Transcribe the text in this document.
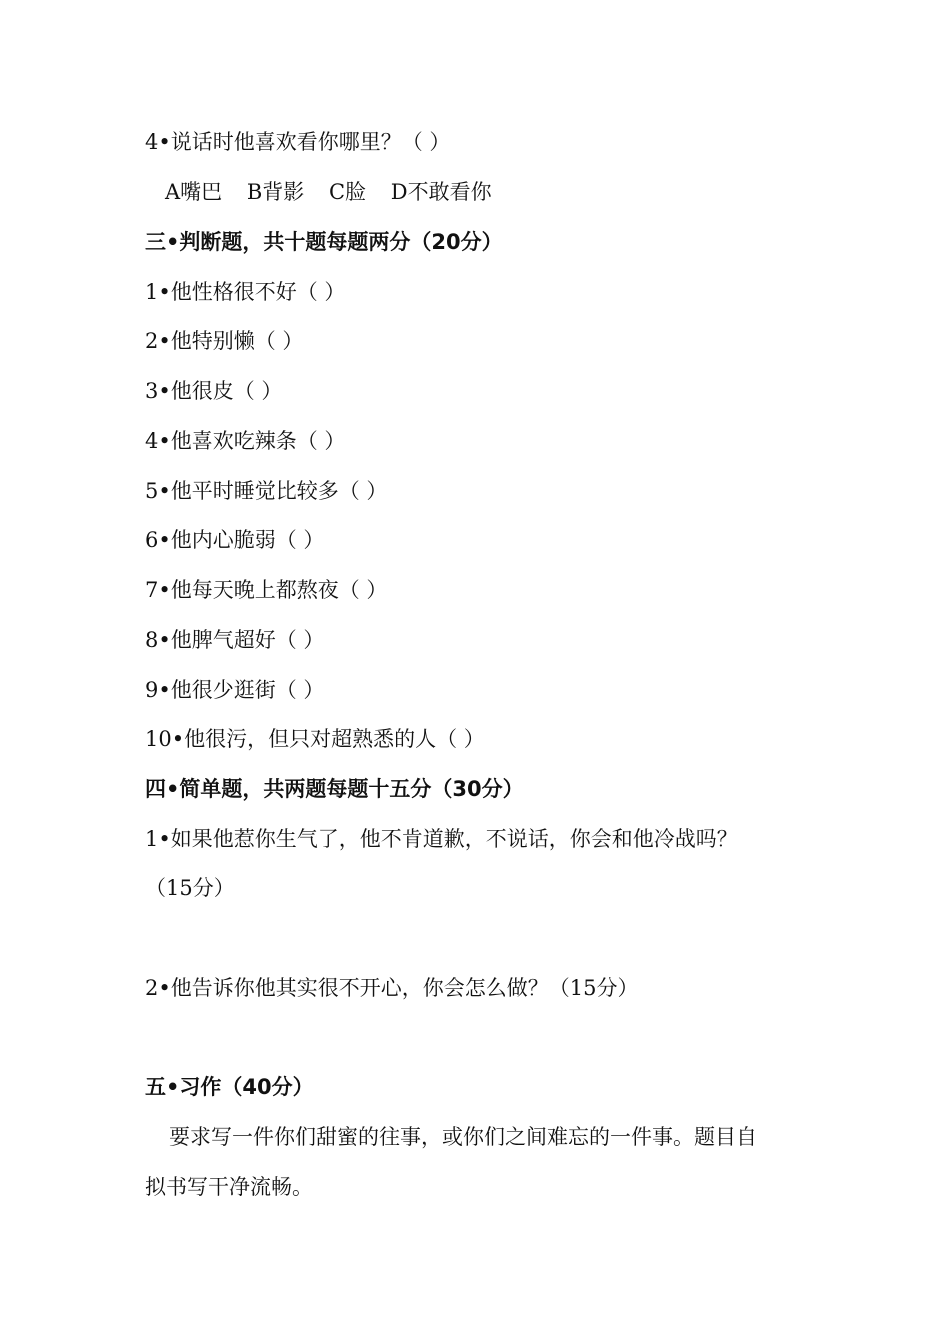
4•说话时他喜欢看你哪里？（ ）
A嘴巴 B背影 C脸 D不敢看你
三•判断题，共十题每题两分（20分）
1•他性格很不好（ ）
2•他特别懒（ ）
3•他很皮（ ）
4•他喜欢吃辣条（ ）
5•他平时睡觉比较多（ ）
6•他内心脆弱（ ）
7•他每天晚上都熬夜（ ）
8•他脾气超好（ ）
9•他很少逛街（ ）
10•他很污，但只对超熟悉的人（ ）
四•简单题，共两题每题十五分（30分）
1•如果他惹你生气了，他不肯道歉，不说话，你会和他冷战吗？
（15分）
2•他告诉你他其实很不开心，你会怎么做？（15分）
五•习作（40分）
要求写一件你们甜蜜的往事，或你们之间难忘的一件事。题目自
拟书写干净流畅。
